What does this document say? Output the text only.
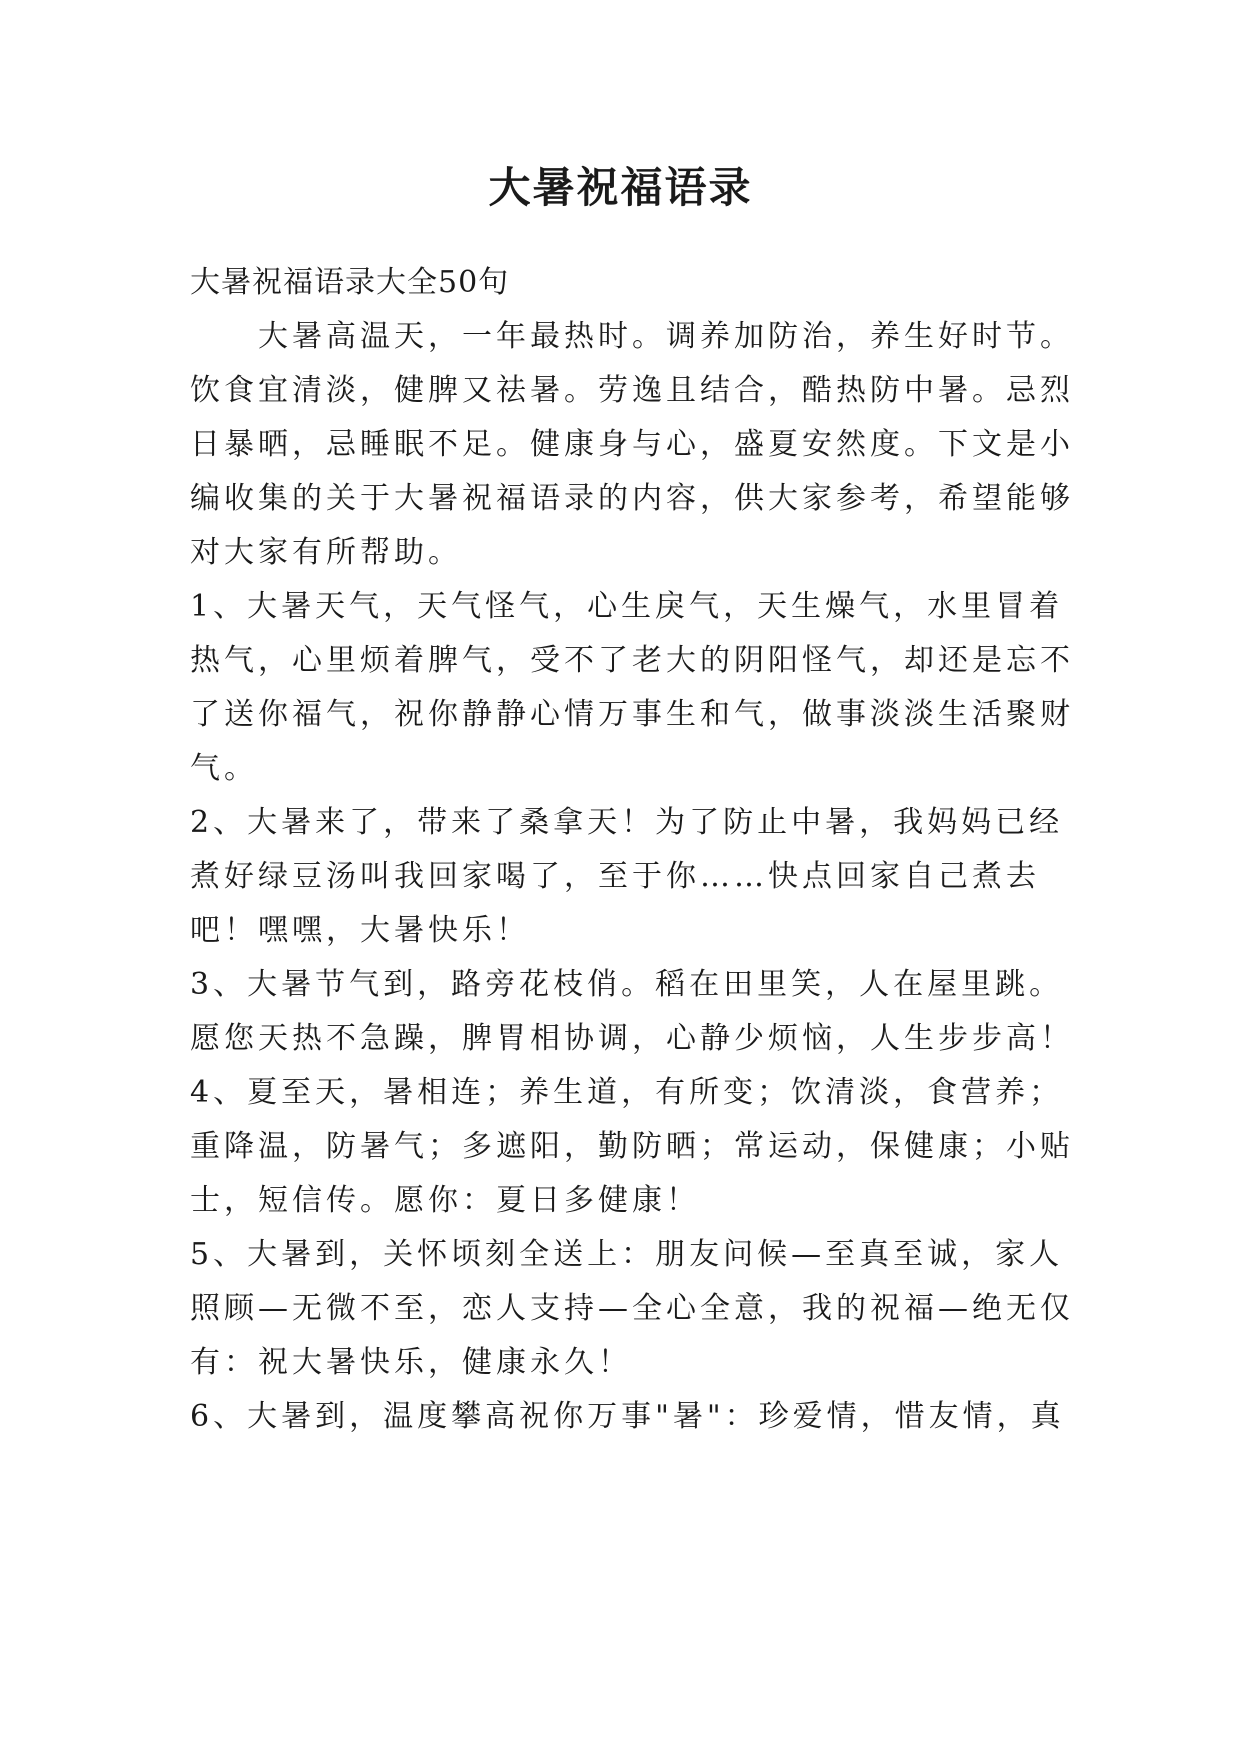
大暑祝福语录
大暑祝福语录大全50句
大暑高温天，一年最热时。调养加防治，养生好时节。
饮食宜清淡，健脾又祛暑。劳逸且结合，酷热防中暑。忌烈
日暴晒，忌睡眠不足。健康身与心，盛夏安然度。下文是小
编收集的关于大暑祝福语录的内容，供大家参考，希望能够
对大家有所帮助。
1、大暑天气，天气怪气，心生戾气，天生燥气，水里冒着
热气，心里烦着脾气，受不了老大的阴阳怪气，却还是忘不
了送你福气，祝你静静心情万事生和气，做事淡淡生活聚财
气。
2、大暑来了，带来了桑拿天！为了防止中暑，我妈妈已经
煮好绿豆汤叫我回家喝了，至于你……快点回家自己煮去
吧！嘿嘿，大暑快乐！
3、大暑节气到，路旁花枝俏。稻在田里笑，人在屋里跳。
愿您天热不急躁，脾胃相协调，心静少烦恼，人生步步高！
4、夏至天，暑相连；养生道，有所变；饮清淡，食营养；
重降温，防暑气；多遮阳，勤防晒；常运动，保健康；小贴
士，短信传。愿你：夏日多健康！
5、大暑到，关怀顷刻全送上：朋友问候—至真至诚，家人
照顾—无微不至，恋人支持—全心全意，我的祝福—绝无仅
有：祝大暑快乐，健康永久！
6、大暑到，温度攀高祝你万事"暑"：珍爱情，惜友情，真
